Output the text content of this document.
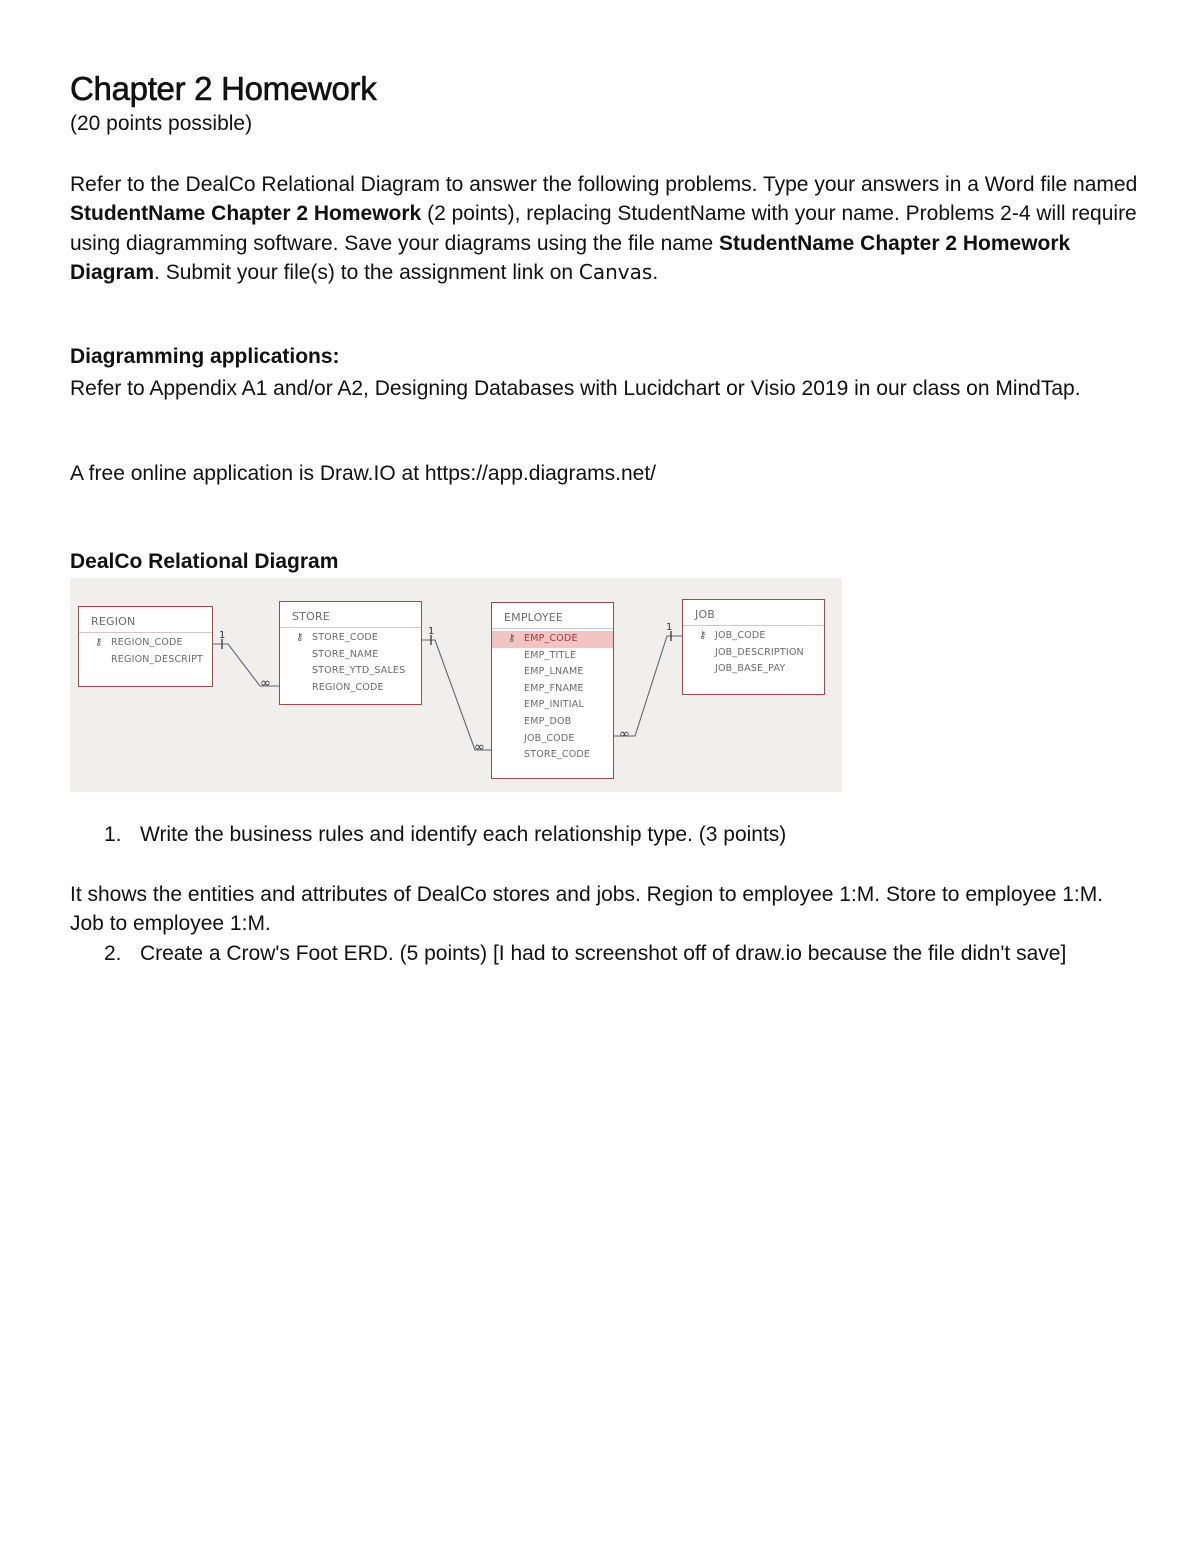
Chapter 2 Homework
(20 points possible)
Refer to the DealCo Relational Diagram to answer the following problems. Type your answers in a Word file named StudentName Chapter 2 Homework (2 points), replacing StudentName with your name. Problems 2-4 will require using diagramming software. Save your diagrams using the file name StudentName Chapter 2 Homework Diagram. Submit your file(s) to the assignment link on Canvas.
Diagramming applications:
Refer to Appendix A1 and/or A2, Designing Databases with Lucidchart or Visio 2019 in our class on MindTap.
A free online application is Draw.IO at https://app.diagrams.net/
DealCo Relational Diagram
REGION
⚷ REGION_CODE
REGION_DESCRIPT
STORE
⚷ STORE_CODE
STORE_NAME
STORE_YTD_SALES
REGION_CODE
EMPLOYEE
⚷ EMP_CODE
EMP_TITLE
EMP_LNAME
EMP_FNAME
EMP_INITIAL
EMP_DOB
JOB_CODE
STORE_CODE
JOB
⚷ JOB_CODE
JOB_DESCRIPTION
JOB_BASE_PAY
1
∞
1
∞
1
∞
1. Write the business rules and identify each relationship type. (3 points)
It shows the entities and attributes of DealCo stores and jobs. Region to employee 1:M. Store to employee 1:M. Job to employee 1:M.
2. Create a Crow's Foot ERD. (5 points) [I had to screenshot off of draw.io because the file didn't save]
